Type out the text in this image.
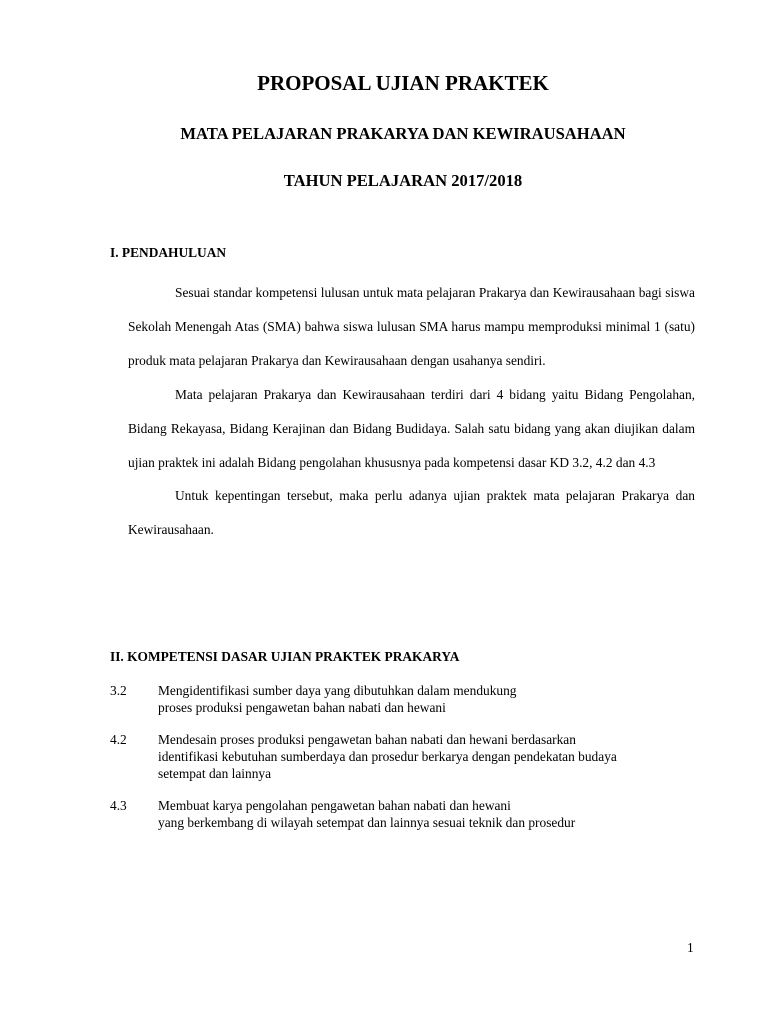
PROPOSAL UJIAN PRAKTEK
MATA PELAJARAN PRAKARYA DAN KEWIRAUSAHAAN
TAHUN PELAJARAN 2017/2018
I. PENDAHULUAN

Sesuai standar kompetensi lulusan untuk mata pelajaran Prakarya dan Kewirausahaan bagi siswa Sekolah Menengah Atas (SMA) bahwa siswa lulusan SMA harus mampu memproduksi minimal 1 (satu) produk mata pelajaran Prakarya dan Kewirausahaan dengan usahanya sendiri.

Mata pelajaran Prakarya dan Kewirausahaan terdiri dari 4 bidang yaitu Bidang Pengolahan, Bidang Rekayasa, Bidang Kerajinan dan Bidang Budidaya. Salah satu bidang yang akan diujikan dalam ujian praktek ini adalah Bidang pengolahan khususnya pada kompetensi dasar KD 3.2, 4.2 dan 4.3

Untuk kepentingan tersebut, maka perlu adanya ujian praktek mata pelajaran Prakarya dan Kewirausahaan.

II. KOMPETENSI DASAR UJIAN PRAKTEK PRAKARYA
3.2	Mengidentifikasi sumber daya yang dibutuhkan dalam mendukung
proses produksi pengawetan bahan nabati dan hewani
4.2	Mendesain proses produksi pengawetan bahan nabati dan hewani berdasarkan
identifikasi kebutuhan sumberdaya dan prosedur berkarya dengan pendekatan budaya
setempat dan lainnya
4.3	Membuat karya pengolahan pengawetan bahan nabati dan hewani
yang berkembang di wilayah setempat dan lainnya sesuai teknik dan prosedur

1
